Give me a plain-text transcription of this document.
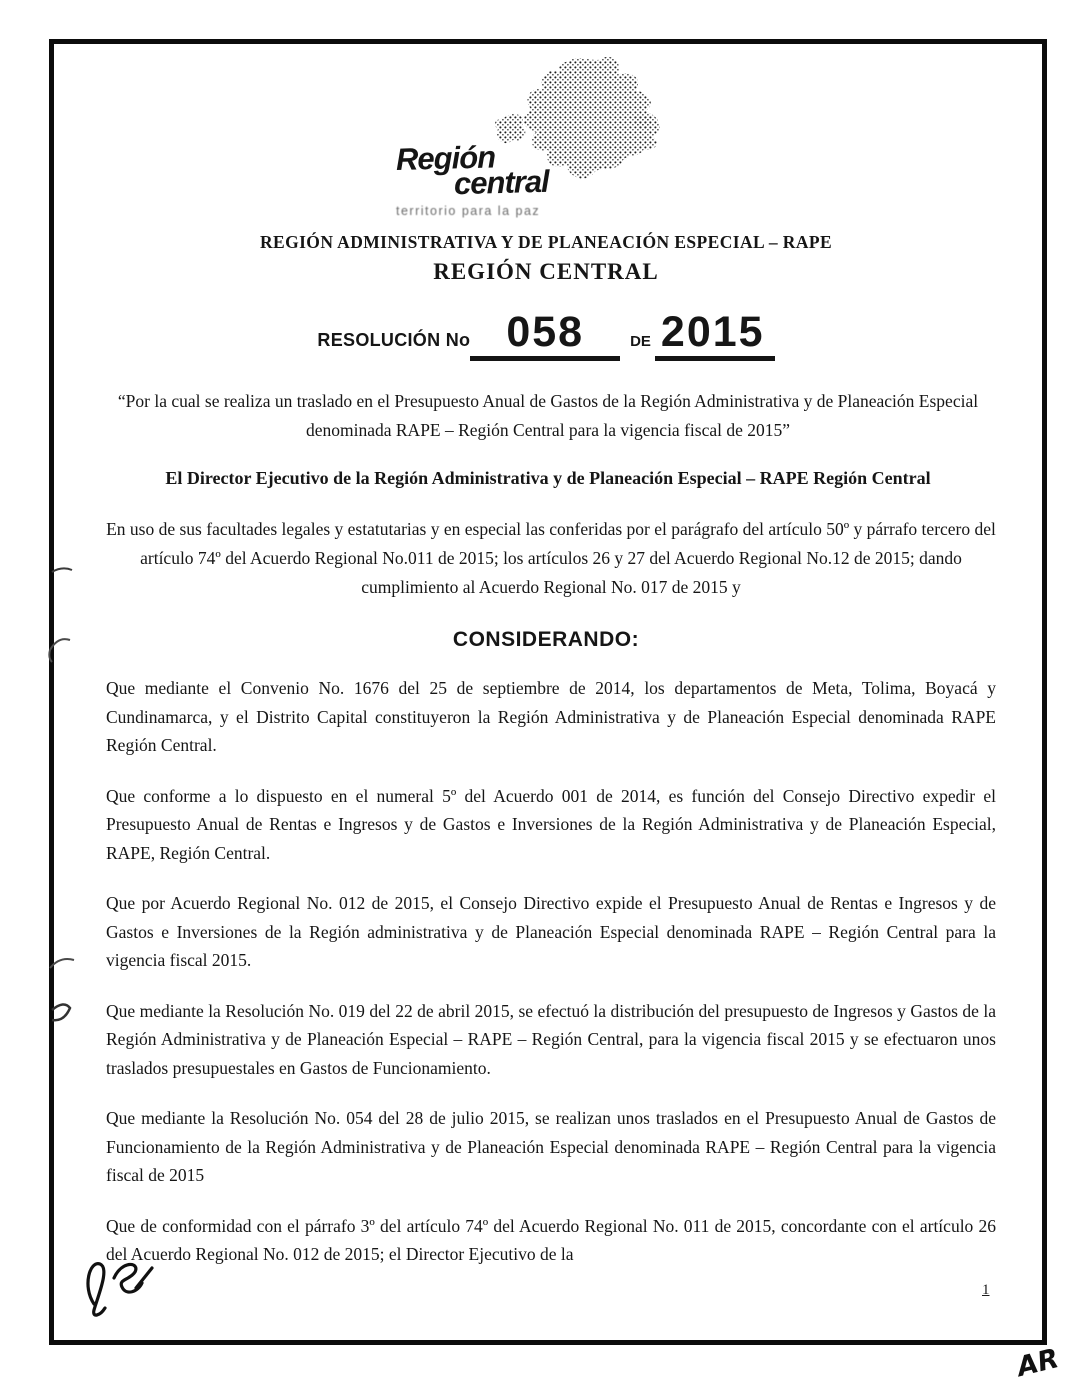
Región
central
territorio para la paz
REGIÓN ADMINISTRATIVA Y DE PLANEACIÓN ESPECIAL – RAPE
REGIÓN CENTRAL
RESOLUCIÓN No 058	DE 2015
“Por la cual se realiza un traslado en el Presupuesto Anual de Gastos de la Región Administrativa y de Planeación Especial denominada RAPE – Región Central para la vigencia fiscal de 2015”
El Director Ejecutivo de la Región Administrativa y de Planeación Especial – RAPE Región Central
En uso de sus facultades legales y estatutarias y en especial las conferidas por el parágrafo del artículo 50º y párrafo tercero del artículo 74º del Acuerdo Regional No.011 de 2015; los artículos 26 y 27 del Acuerdo Regional No.12 de 2015; dando cumplimiento al Acuerdo Regional No. 017 de 2015 y
CONSIDERANDO:

Que mediante el Convenio No. 1676 del 25 de septiembre de 2014, los departamentos de Meta, Tolima, Boyacá y Cundinamarca, y el Distrito Capital constituyeron la Región Administrativa y de Planeación Especial denominada RAPE Región Central.

Que conforme a lo dispuesto en el numeral 5º del Acuerdo 001 de 2014, es función del Consejo Directivo expedir el Presupuesto Anual de Rentas e Ingresos y de Gastos e Inversiones de la Región Administrativa y de Planeación Especial, RAPE, Región Central.

Que por Acuerdo Regional No. 012 de 2015, el Consejo Directivo expide el Presupuesto Anual de Rentas e Ingresos y de Gastos e Inversiones de la Región administrativa y de Planeación Especial denominada RAPE – Región Central para la vigencia fiscal 2015.

Que mediante la Resolución No. 019 del 22 de abril 2015, se efectuó la distribución del presupuesto de Ingresos y Gastos de la Región Administrativa y de Planeación Especial – RAPE – Región Central, para la vigencia fiscal 2015 y se efectuaron unos traslados presupuestales en Gastos de Funcionamiento.

Que mediante la Resolución No. 054 del 28 de julio 2015, se realizan unos traslados en el Presupuesto Anual de Gastos de Funcionamiento de la Región Administrativa y de Planeación Especial denominada RAPE – Región Central para la vigencia fiscal de 2015

Que de conformidad con el párrafo 3º del artículo 74º del Acuerdo Regional No. 011 de 2015, concordante con el artículo 26 del Acuerdo Regional No. 012 de 2015; el Director Ejecutivo de la

1
AR
